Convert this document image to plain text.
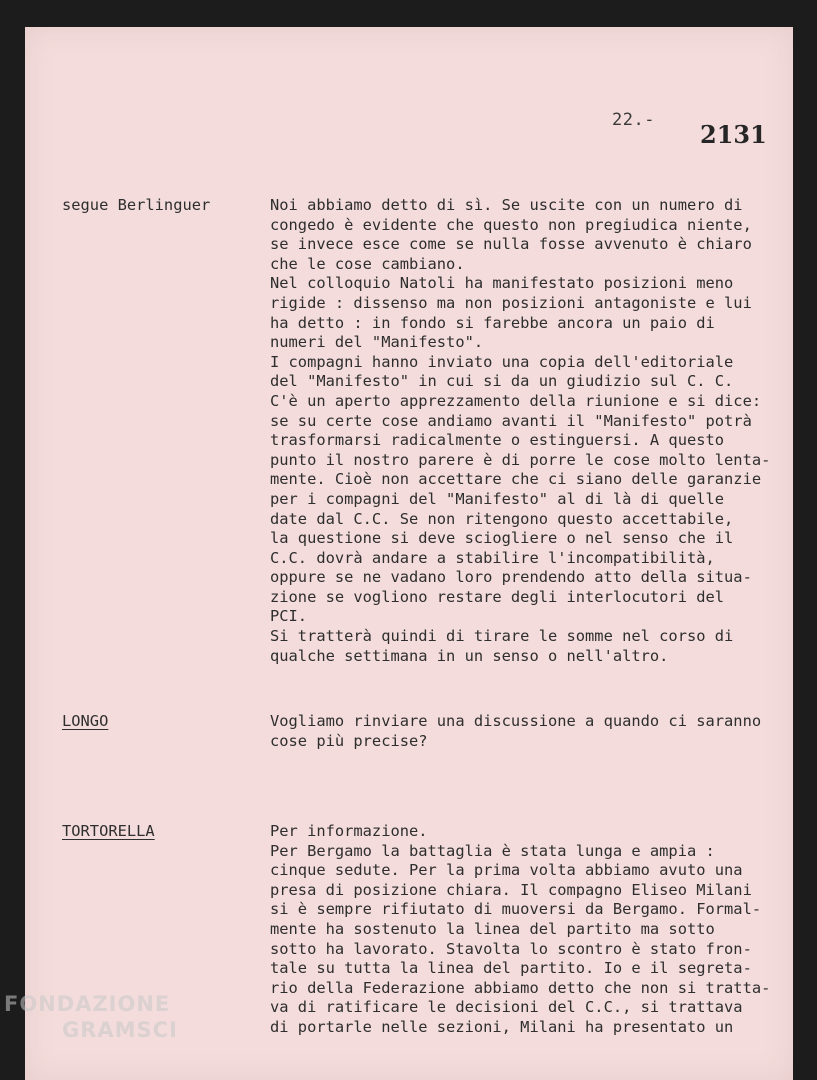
22.- 2131
segue Berlinguer	Noi abbiamo detto di sì. Se uscite con un numero di
congedo è evidente che questo non pregiudica niente,
se invece esce come se nulla fosse avvenuto è chiaro
che le cose cambiano.
Nel colloquio Natoli ha manifestato posizioni meno
rigide : dissenso ma non posizioni antagoniste e lui
ha detto : in fondo si farebbe ancora un paio di
numeri del "Manifesto".
I compagni hanno inviato una copia dell'editoriale
del "Manifesto" in cui si da un giudizio sul C. C.
C'è un aperto apprezzamento della riunione e si dice:
se su certe cose andiamo avanti il "Manifesto" potrà
trasformarsi radicalmente o estinguersi. A questo
punto il nostro parere è di porre le cose molto lenta-
mente. Cioè non accettare che ci siano delle garanzie
per i compagni del "Manifesto" al di là di quelle
date dal C.C. Se non ritengono questo accettabile,
la questione si deve sciogliere o nel senso che il
C.C. dovrà andare a stabilire l'incompatibilità,
oppure se ne vadano loro prendendo atto della situa-
zione se vogliono restare degli interlocutori del
PCI.
Si tratterà quindi di tirare le somme nel corso di
qualche settimana in un senso o nell'altro.
LONGO	Vogliamo rinviare una discussione a quando ci saranno
cose più precise?
TORTORELLA	Per informazione.
Per Bergamo la battaglia è stata lunga e ampia :
cinque sedute. Per la prima volta abbiamo avuto una
presa di posizione chiara. Il compagno Eliseo Milani
si è sempre rifiutato di muoversi da Bergamo. Formal-
mente ha sostenuto la linea del partito ma sotto
sotto ha lavorato. Stavolta lo scontro è stato fron-
tale su tutta la linea del partito. Io e il segreta-
rio della Federazione abbiamo detto che non si tratta-
va di ratificare le decisioni del C.C., si trattava
di portarle nelle sezioni, Milani ha presentato un
FONDAZIONE
GRAMSCI
